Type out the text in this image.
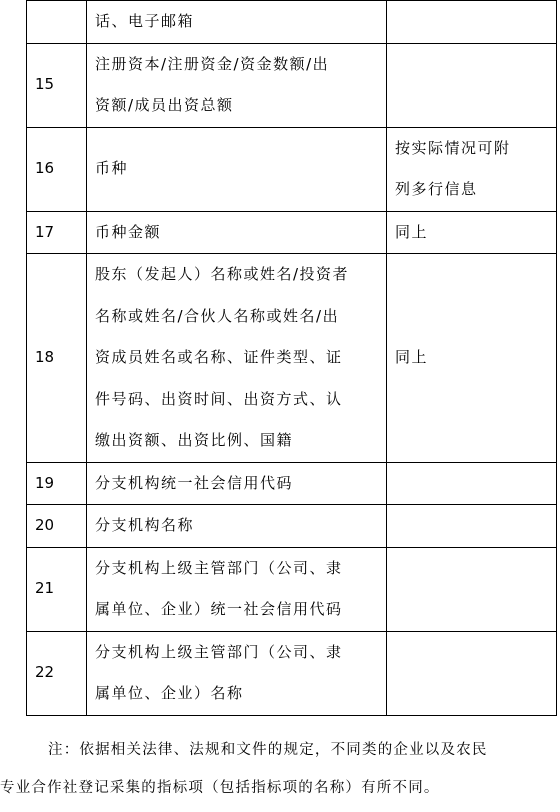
	话、电子邮箱	

15	注册资本/注册资金/资金数额/出
资额/成员出资总额	

16	币种	按实际情况可附
列多行信息

17	币种金额	同上

18	股东（发起人）名称或姓名/投资者
名称或姓名/合伙人名称或姓名/出
资成员姓名或名称、证件类型、证
件号码、出资时间、出资方式、认
缴出资额、出资比例、国籍	同上

19	分支机构统一社会信用代码	

20	分支机构名称	

21	分支机构上级主管部门（公司、隶
属单位、企业）统一社会信用代码	

22	分支机构上级主管部门（公司、隶
属单位、企业）名称	

注：依据相关法律、法规和文件的规定，不同类的企业以及农民
专业合作社登记采集的指标项（包括指标项的名称）有所不同。
